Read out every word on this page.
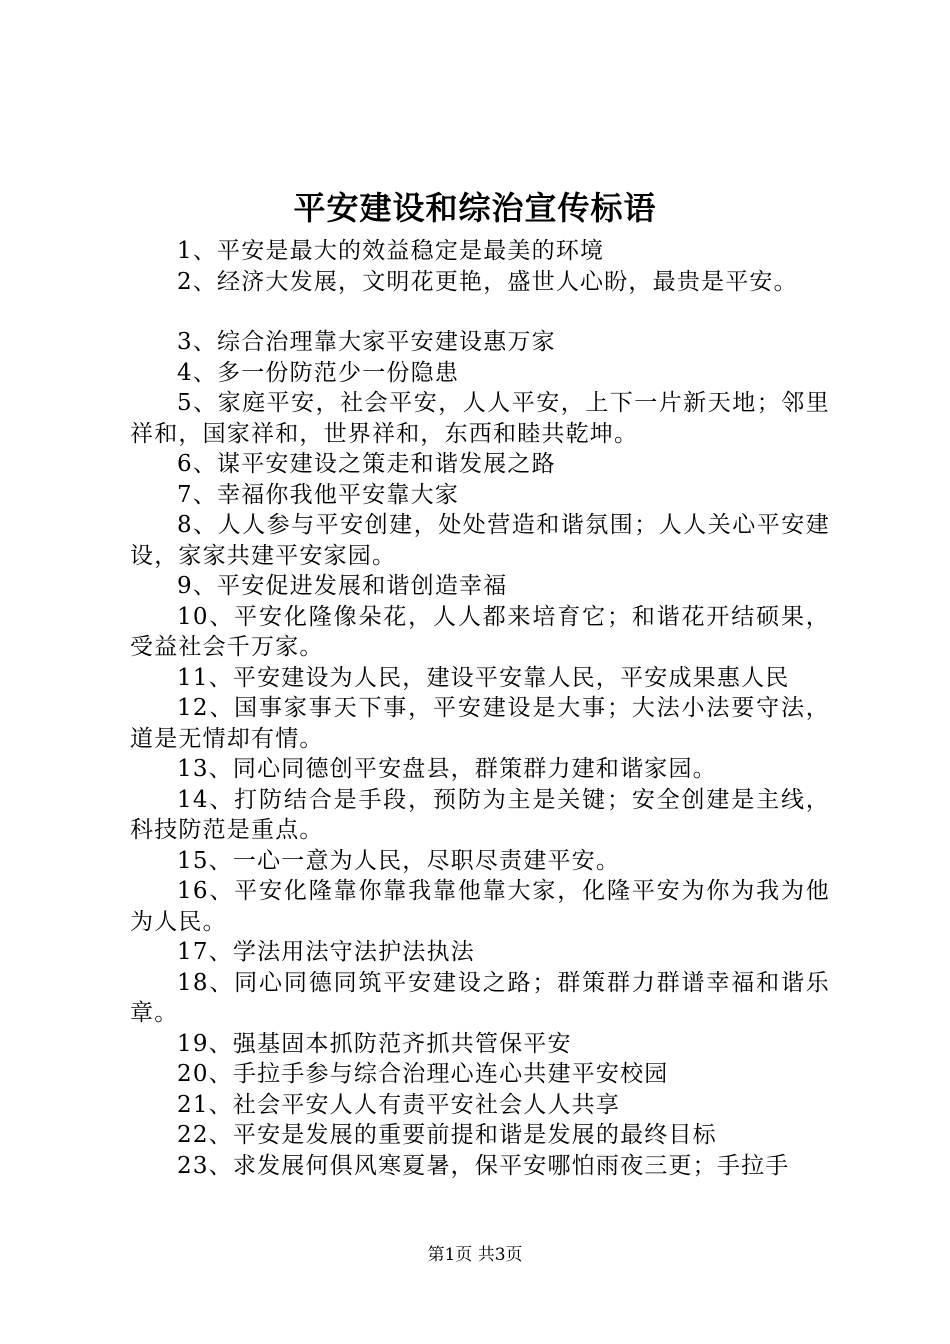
平安建设和综治宣传标语

1、平安是最大的效益稳定是最美的环境

2、经济大发展，文明花更艳，盛世人心盼，最贵是平安。

3、综合治理靠大家平安建设惠万家

4、多一份防范少一份隐患

5、家庭平安，社会平安，人人平安，上下一片新天地；邻里祥和，国家祥和，世界祥和，东西和睦共乾坤。

6、谋平安建设之策走和谐发展之路

7、幸福你我他平安靠大家

8、人人参与平安创建，处处营造和谐氛围；人人关心平安建设，家家共建平安家园。

9、平安促进发展和谐创造幸福

10、平安化隆像朵花，人人都来培育它；和谐花开结硕果，受益社会千万家。

11、平安建设为人民，建设平安靠人民，平安成果惠人民

12、国事家事天下事，平安建设是大事；大法小法要守法，道是无情却有情。

13、同心同德创平安盘县，群策群力建和谐家园。

14、打防结合是手段，预防为主是关键；安全创建是主线，科技防范是重点。

15、一心一意为人民，尽职尽责建平安。

16、平安化隆靠你靠我靠他靠大家，化隆平安为你为我为他为人民。

17、学法用法守法护法执法

18、同心同德同筑平安建设之路；群策群力群谱幸福和谐乐章。

19、强基固本抓防范齐抓共管保平安

20、手拉手参与综合治理心连心共建平安校园

21、社会平安人人有责平安社会人人共享

22、平安是发展的重要前提和谐是发展的最终目标

23、求发展何俱风寒夏暑，保平安哪怕雨夜三更；手拉手

第1页 共3页
